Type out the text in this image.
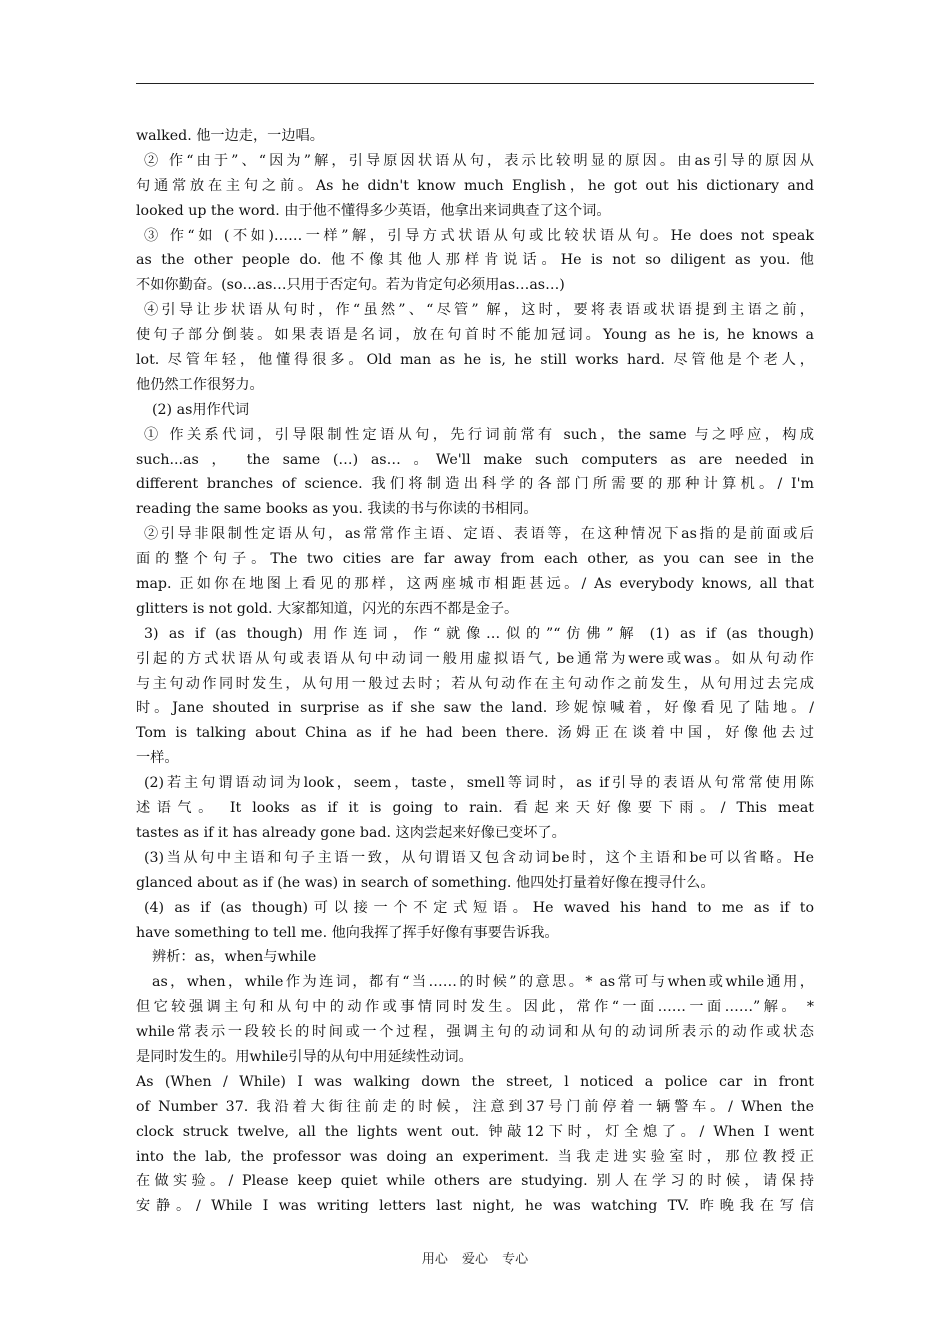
walked. 他一边走，一边唱。
② 作“由于”、“因为”解，引导原因状语从句，表示比较明显的原因。由as引导的原因从
句通常放在主句之前。As he didn't know much English，he got out his dictionary and
looked up the word. 由于他不懂得多少英语，他拿出来词典查了这个词。
③ 作“如 (不如)……一样”解，引导方式状语从句或比较状语从句。He does not speak
as the other people do. 他不像其他人那样肯说话。He is not so diligent as you. 他
不如你勤奋。(so…as…只用于否定句。若为肯定句必须用as…as…)
④引导让步状语从句时，作“虽然”、“尽管” 解，这时，要将表语或状语提到主语之前，
使句子部分倒装。如果表语是名词，放在句首时不能加冠词。Young as he is, he knows a
lot. 尽管年轻，他懂得很多。Old man as he is, he still works hard. 尽管他是个老人，
他仍然工作很努力。
(2) as用作代词
① 作关系代词，引导限制性定语从句，先行词前常有 such，the same 与之呼应，构成
such...as ， the same (…) as… 。We'll make such computers as are needed in
different branches of science. 我们将制造出科学的各部门所需要的那种计算机。/ I'm
reading the same books as you. 我读的书与你读的书相同。
②引导非限制性定语从句，as常常作主语、定语、表语等，在这种情况下as指的是前面或后
面的整个句子。The two cities are far away from each other, as you can see in the
map. 正如你在地图上看见的那样，这两座城市相距甚远。/ As everybody knows, all that
glitters is not gold. 大家都知道，闪光的东西不都是金子。
3) as if (as though) 用作连词，作“就像…似的”“仿佛”解 (1) as if (as though)
引起的方式状语从句或表语从句中动词一般用虚拟语气, be通常为were或was。如从句动作
与主句动作同时发生，从句用一般过去时；若从句动作在主句动作之前发生，从句用过去完成
时。Jane shouted in surprise as if she saw the land. 珍妮惊喊着，好像看见了陆地。/
Tom is talking about China as if he had been there. 汤姆正在谈着中国，好像他去过
一样。
(2)若主句谓语动词为look，seem，taste，smell等词时，as if引导的表语从句常常使用陈
述语气。 It looks as if it is going to rain. 看起来天好像要下雨。/ This meat
tastes as if it has already gone bad. 这肉尝起来好像已变坏了。
(3)当从句中主语和句子主语一致，从句谓语又包含动词be时，这个主语和be可以省略。He
glanced about as if (he was) in search of something. 他四处打量着好像在搜寻什么。
(4) as if (as though)可以接一个不定式短语。He waved his hand to me as if to
have something to tell me. 他向我挥了挥手好像有事要告诉我。
辨析：as，when与while
as，when，while作为连词，都有“当……的时候”的意思。* as常可与when或while通用，
但它较强调主句和从句中的动作或事情同时发生。因此，常作“一面……一面……”解。 *
while常表示一段较长的时间或一个过程，强调主句的动词和从句的动词所表示的动作或状态
是同时发生的。用while引导的从句中用延续性动词。
As (When / While) I was walking down the street, l noticed a police car in front
of Number 37. 我沿着大街往前走的时候，注意到37号门前停着一辆警车。/ When the
clock struck twelve, all the lights went out. 钟敲12下时，灯全熄了。/ When I went
into the lab, the professor was doing an experiment. 当我走进实验室时，那位教授正
在做实验。/ Please keep quiet while others are studying. 别人在学习的时候，请保持
安静。/ While I was writing letters last night, he was watching TV. 昨晚我在写信
用心 爱心 专心
